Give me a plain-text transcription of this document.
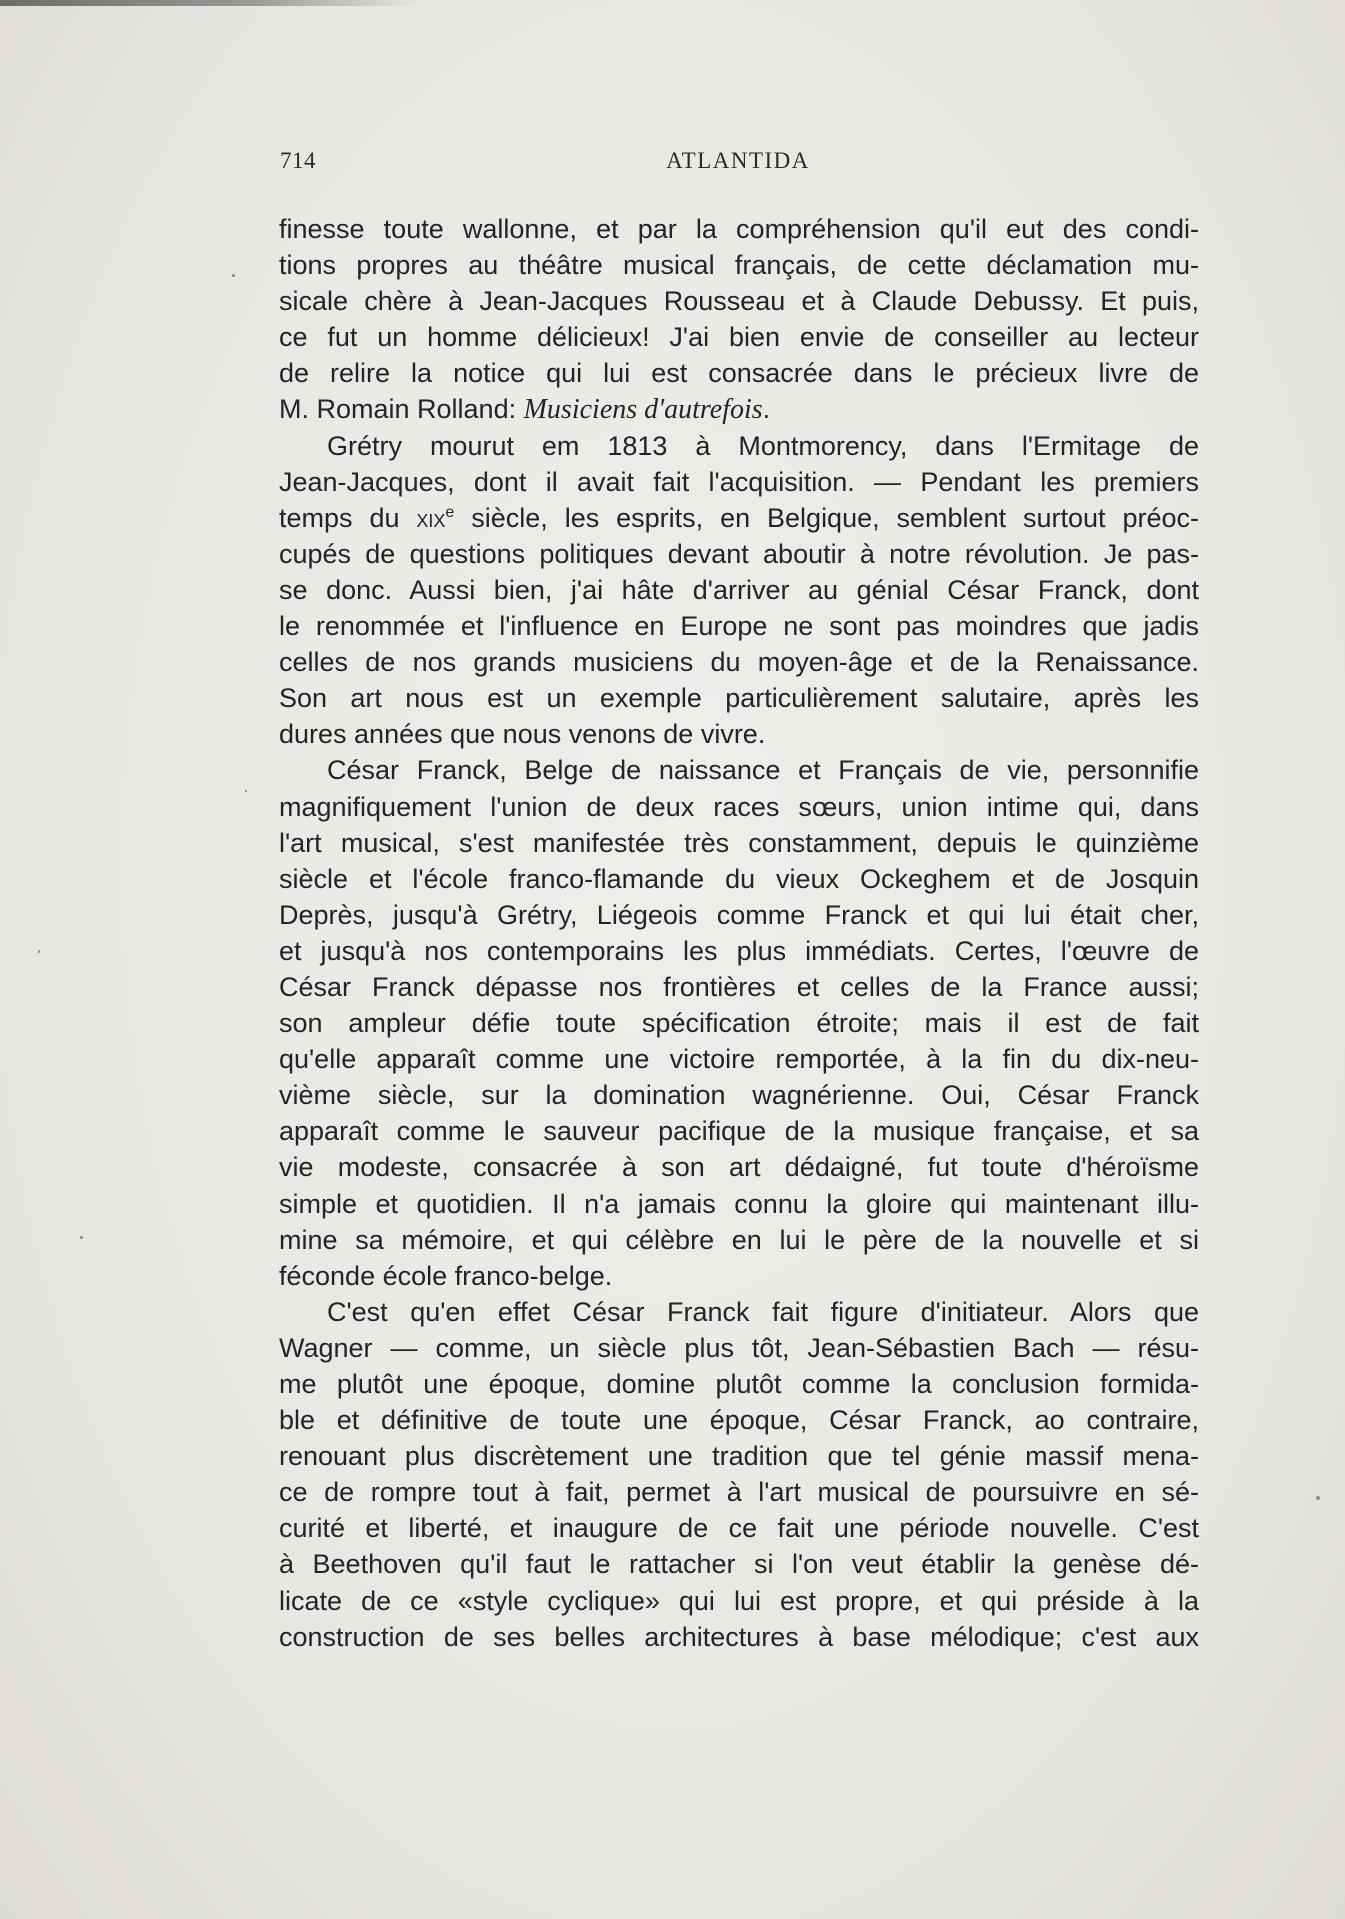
714	ATLANTIDA
finesse toute wallonne, et par la compréhension qu'il eut des condi-
tions propres au théâtre musical français, de cette déclamation mu-
sicale chère à Jean-Jacques Rousseau et à Claude Debussy. Et puis,
ce fut un homme délicieux! J'ai bien envie de conseiller au lecteur
de relire la notice qui lui est consacrée dans le précieux livre de
M. Romain Rolland: Musiciens d'autrefois.
Grétry mourut em 1813 à Montmorency, dans l'Ermitage de
Jean-Jacques, dont il avait fait l'acquisition. — Pendant les premiers
temps du xix$^e$ siècle, les esprits, en Belgique, semblent surtout préoc-
cupés de questions politiques devant aboutir à notre révolution. Je pas-
se donc. Aussi bien, j'ai hâte d'arriver au génial César Franck, dont
le renommée et l'influence en Europe ne sont pas moindres que jadis
celles de nos grands musiciens du moyen-âge et de la Renaissance.
Son art nous est un exemple particulièrement salutaire, après les
dures années que nous venons de vivre.
César Franck, Belge de naissance et Français de vie, personnifie
magnifiquement l'union de deux races sœurs, union intime qui, dans
l'art musical, s'est manifestée très constamment, depuis le quinzième
siècle et l'école franco-flamande du vieux Ockeghem et de Josquin
Deprès, jusqu'à Grétry, Liégeois comme Franck et qui lui était cher,
et jusqu'à nos contemporains les plus immédiats. Certes, l'œuvre de
César Franck dépasse nos frontières et celles de la France aussi;
son ampleur défie toute spécification étroite; mais il est de fait
qu'elle apparaît comme une victoire remportée, à la fin du dix-neu-
vième siècle, sur la domination wagnérienne. Oui, César Franck
apparaît comme le sauveur pacifique de la musique française, et sa
vie modeste, consacrée à son art dédaigné, fut toute d'héroïsme
simple et quotidien. Il n'a jamais connu la gloire qui maintenant illu-
mine sa mémoire, et qui célèbre en lui le père de la nouvelle et si
féconde école franco-belge.
C'est qu'en effet César Franck fait figure d'initiateur. Alors que
Wagner — comme, un siècle plus tôt, Jean-Sébastien Bach — résu-
me plutôt une époque, domine plutôt comme la conclusion formida-
ble et définitive de toute une époque, César Franck, ao contraire,
renouant plus discrètement une tradition que tel génie massif mena-
ce de rompre tout à fait, permet à l'art musical de poursuivre en sé-
curité et liberté, et inaugure de ce fait une période nouvelle. C'est
à Beethoven qu'il faut le rattacher si l'on veut établir la genèse dé-
licate de ce «style cyclique» qui lui est propre, et qui préside à la
construction de ses belles architectures à base mélodique; c'est aux
